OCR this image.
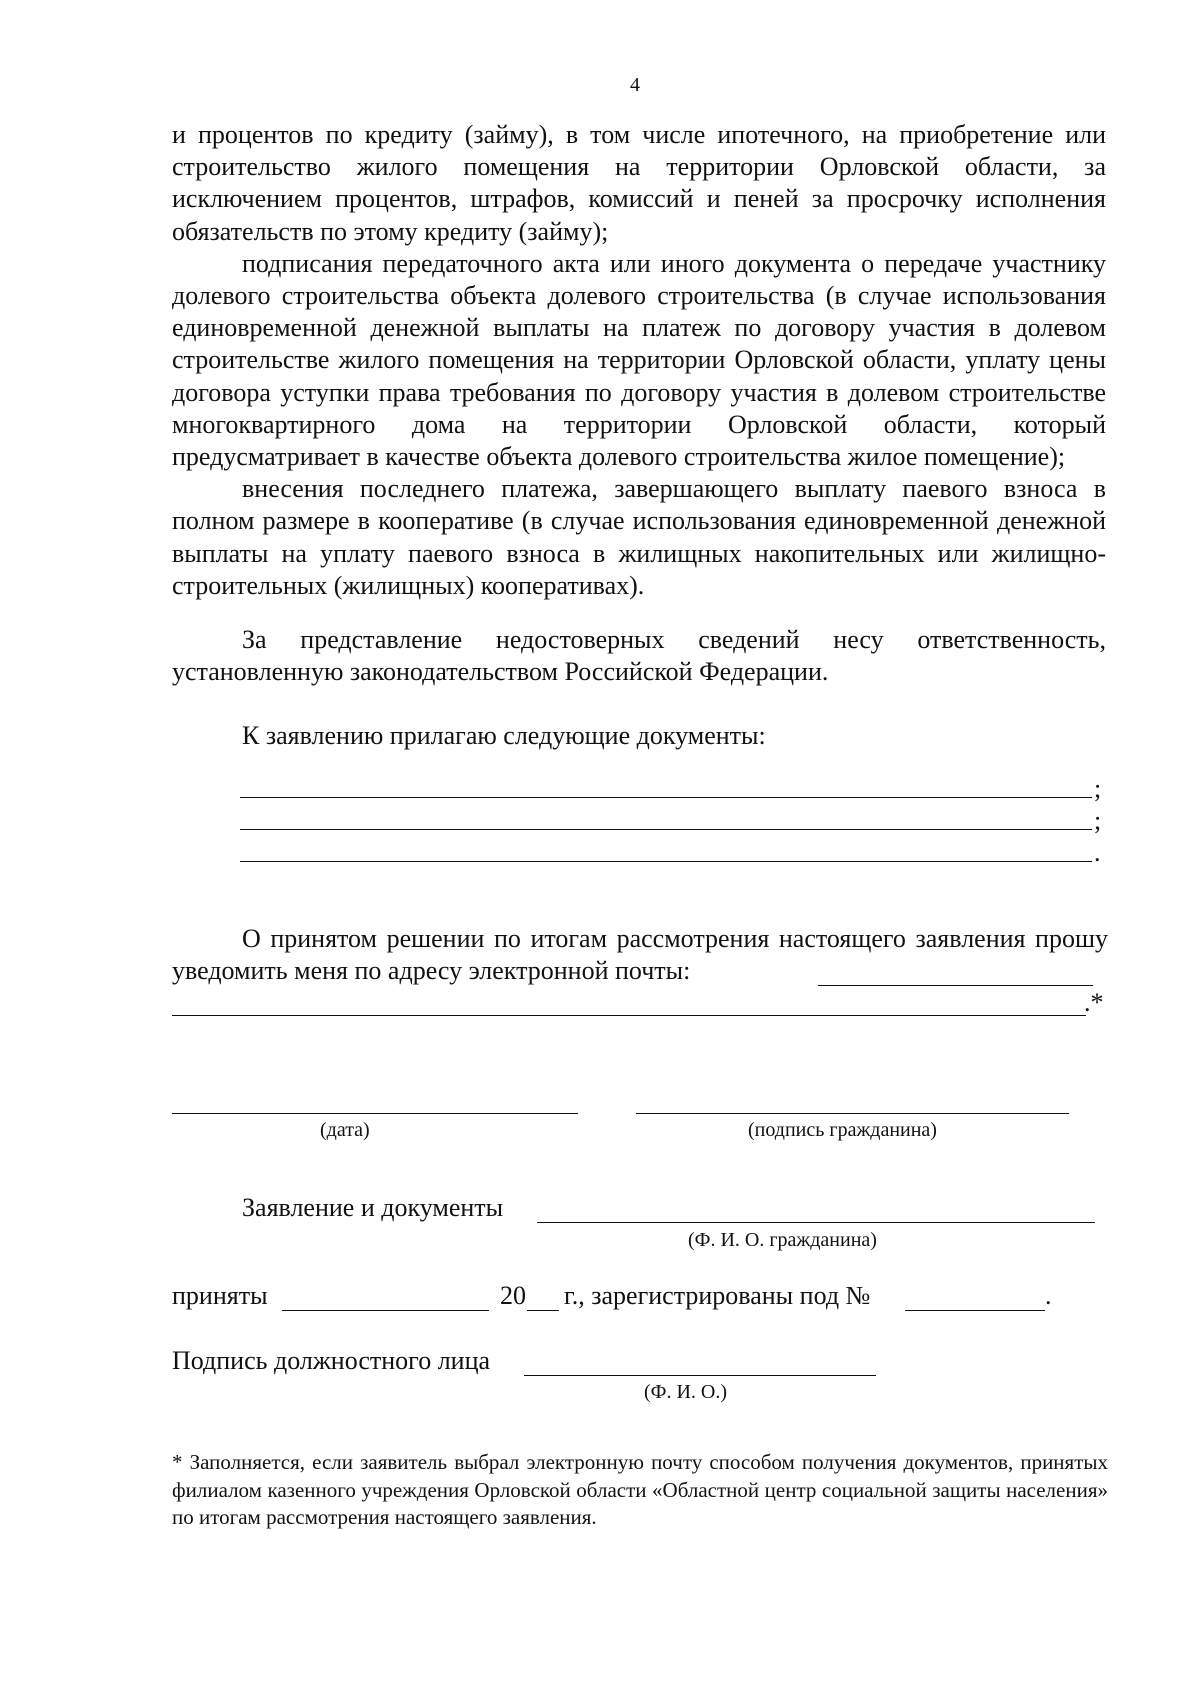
4

и процентов по кредиту (займу), в том числе ипотечного, на приобретение или строительство жилого помещения на территории Орловской области, за исключением процентов, штрафов, комиссий и пеней за просрочку исполнения обязательств по этому кредиту (займу);

подписания передаточного акта или иного документа о передаче участнику долевого строительства объекта долевого строительства (в случае использования единовременной денежной выплаты на платеж по договору участия в долевом строительстве жилого помещения на территории Орловской области, уплату цены договора уступки права требования по договору участия в долевом строительстве многоквартирного дома на территории Орловской области, который предусматривает в качестве объекта долевого строительства жилое помещение);

внесения последнего платежа, завершающего выплату паевого взноса в полном размере в кооперативе (в случае использования единовременной денежной выплаты на уплату паевого взноса в жилищных накопительных или жилищно-строительных (жилищных) кооперативах).

За представление недостоверных сведений несу ответственность, установленную законодательством Российской Федерации.

К заявлению прилагаю следующие документы:

;
;
.

О принятом решении по итогам рассмотрения настоящего заявления прошу уведомить меня по адресу электронной почты:

.*
(дата)	(подпись гражданина)
Заявление и документы
(Ф. И. О. гражданина)
приняты	20 г., зарегистрированы под №	.
Подпись должностного лица
(Ф. И. О.)
* Заполняется, если заявитель выбрал электронную почту способом получения документов, принятых филиалом казенного учреждения Орловской области «Областной центр социальной защиты населения» по итогам рассмотрения настоящего заявления.
